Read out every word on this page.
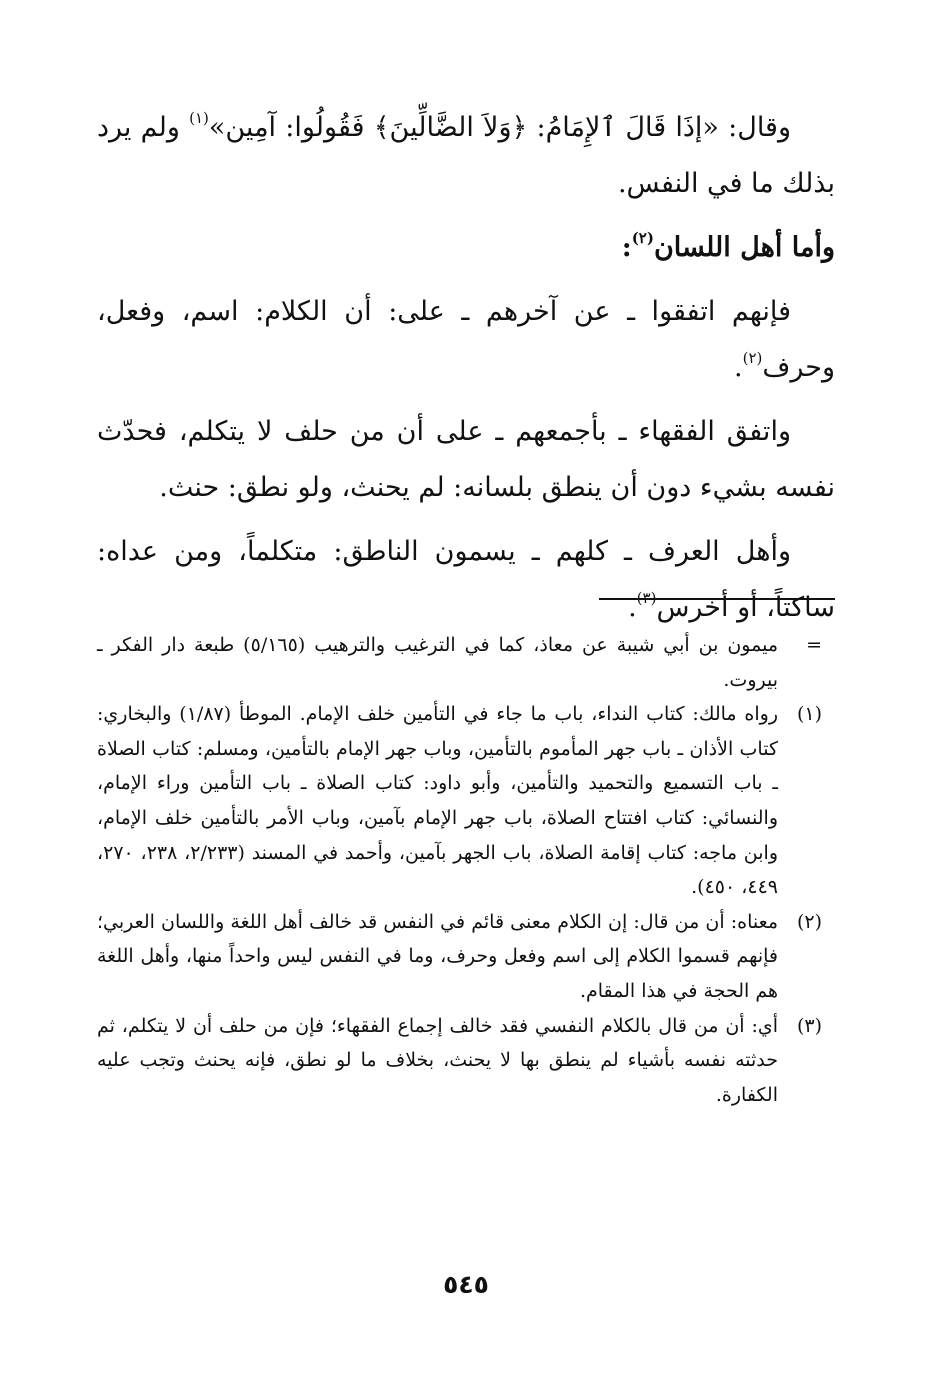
وقال: «إذَا قَالَ ٱلإِمَامُ: ﴿وَلاَ الضَّالِّينَ﴾ فَقُولُوا: آمِين»$^{(١)}$ ولم يرد بذلك ما في النفس.

وأما أهل اللسان$^{(٢)}$:

فإنهم اتفقوا ـ عن آخرهم ـ على: أن الكلام: اسم، وفعل، وحرف$^{(٢)}$.

واتفق الفقهاء ـ بأجمعهم ـ على أن من حلف لا يتكلم، فحدّث نفسه بشيء دون أن ينطق بلسانه: لم يحنث، ولو نطق: حنث.

وأهل العرف ـ كلهم ـ يسمون الناطق: متكلماً، ومن عداه: ساكتاً، أو أخرس$^{(٣)}$.

=
ميمون بن أبي شيبة عن معاذ، كما في الترغيب والترهيب (٥/١٦٥) طبعة دار الفكر ـ بيروت.
(١)
رواه مالك: كتاب النداء، باب ما جاء في التأمين خلف الإمام. الموطأ (١/٨٧) والبخاري: كتاب الأذان ـ باب جهر المأموم بالتأمين، وباب جهر الإمام بالتأمين، ومسلم: كتاب الصلاة ـ باب التسميع والتحميد والتأمين، وأبو داود: كتاب الصلاة ـ باب التأمين وراء الإمام، والنسائي: كتاب افتتاح الصلاة، باب جهر الإمام بآمين، وباب الأمر بالتأمين خلف الإمام، وابن ماجه: كتاب إقامة الصلاة، باب الجهر بآمين، وأحمد في المسند (٢/٢٣٣، ٢٣٨، ٢٧٠، ٤٤٩، ٤٥٠).
(٢)
معناه: أن من قال: إن الكلام معنى قائم في النفس قد خالف أهل اللغة واللسان العربي؛ فإنهم قسموا الكلام إلى اسم وفعل وحرف، وما في النفس ليس واحداً منها، وأهل اللغة هم الحجة في هذا المقام.
(٣)
أي: أن من قال بالكلام النفسي فقد خالف إجماع الفقهاء؛ فإن من حلف أن لا يتكلم، ثم حدثته نفسه بأشياء لم ينطق بها لا يحنث، بخلاف ما لو نطق، فإنه يحنث وتجب عليه الكفارة.
٥٤٥
